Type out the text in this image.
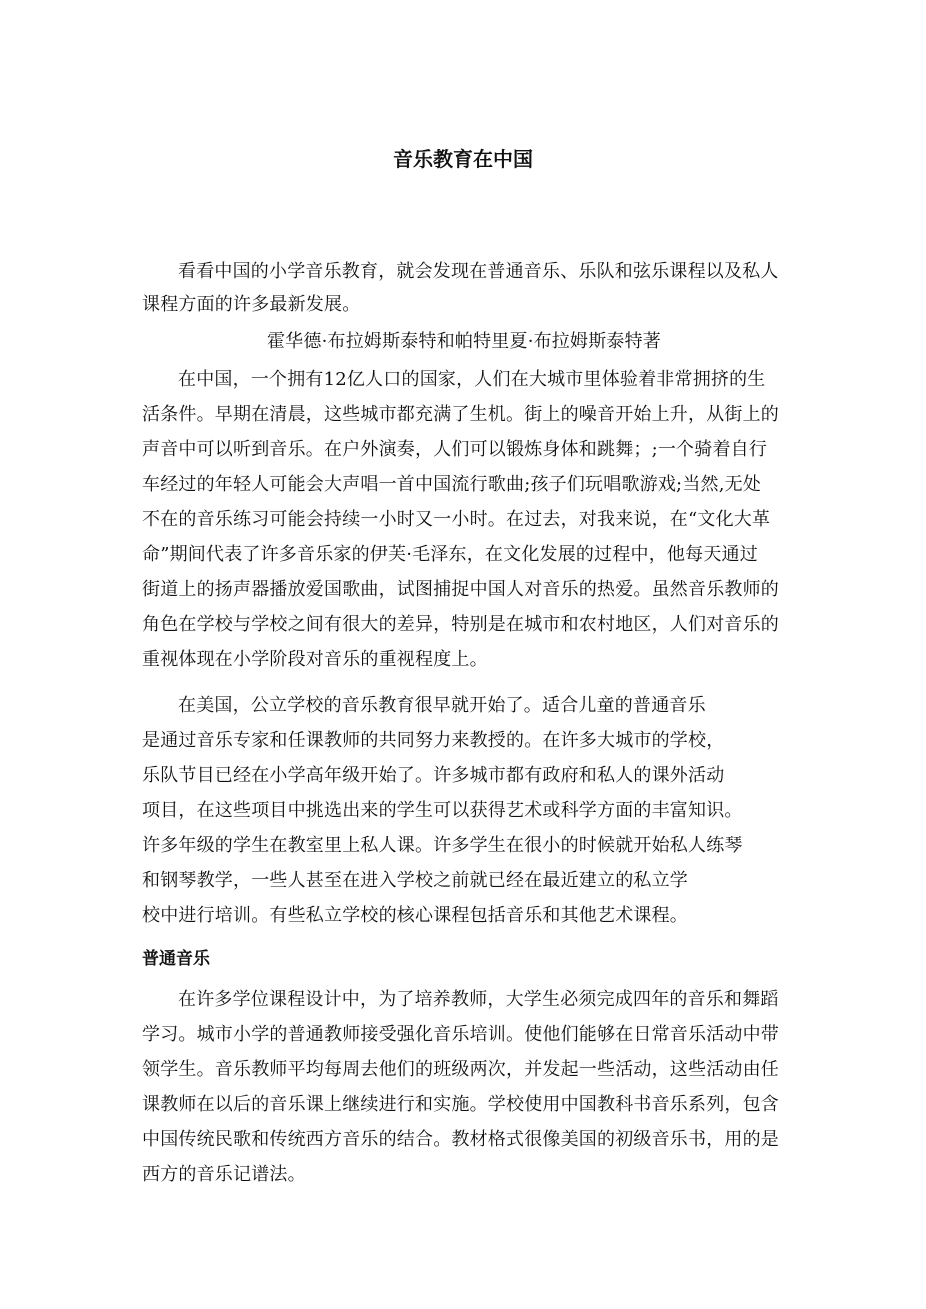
音乐教育在中国

看看中国的小学音乐教育，就会发现在普通音乐、乐队和弦乐课程以及私人
课程方面的许多最新发展。

霍华德·布拉姆斯泰特和帕特里夏·布拉姆斯泰特著

在中国，一个拥有12亿人口的国家，人们在大城市里体验着非常拥挤的生
活条件。早期在清晨，这些城市都充满了生机。街上的噪音开始上升，从街上的
声音中可以听到音乐。在户外演奏，人们可以锻炼身体和跳舞；;一个骑着自行
车经过的年轻人可能会大声唱一首中国流行歌曲;孩子们玩唱歌游戏;当然,无处
不在的音乐练习可能会持续一小时又一小时。在过去，对我来说，在“文化大革
命”期间代表了许多音乐家的伊芙·毛泽东，在文化发展的过程中，他每天通过
街道上的扬声器播放爱国歌曲，试图捕捉中国人对音乐的热爱。虽然音乐教师的
角色在学校与学校之间有很大的差异，特别是在城市和农村地区，人们对音乐的
重视体现在小学阶段对音乐的重视程度上。

在美国，公立学校的音乐教育很早就开始了。适合儿童的普通音乐
是通过音乐专家和任课教师的共同努力来教授的。在许多大城市的学校，
乐队节目已经在小学高年级开始了。许多城市都有政府和私人的课外活动
项目，在这些项目中挑选出来的学生可以获得艺术或科学方面的丰富知识。
许多年级的学生在教室里上私人课。许多学生在很小的时候就开始私人练琴
和钢琴教学，一些人甚至在进入学校之前就已经在最近建立的私立学
校中进行培训。有些私立学校的核心课程包括音乐和其他艺术课程。

普通音乐

在许多学位课程设计中，为了培养教师，大学生必须完成四年的音乐和舞蹈
学习。城市小学的普通教师接受强化音乐培训。使他们能够在日常音乐活动中带
领学生。音乐教师平均每周去他们的班级两次，并发起一些活动，这些活动由任
课教师在以后的音乐课上继续进行和实施。学校使用中国教科书音乐系列，包含
中国传统民歌和传统西方音乐的结合。教材格式很像美国的初级音乐书，用的是
西方的音乐记谱法。
